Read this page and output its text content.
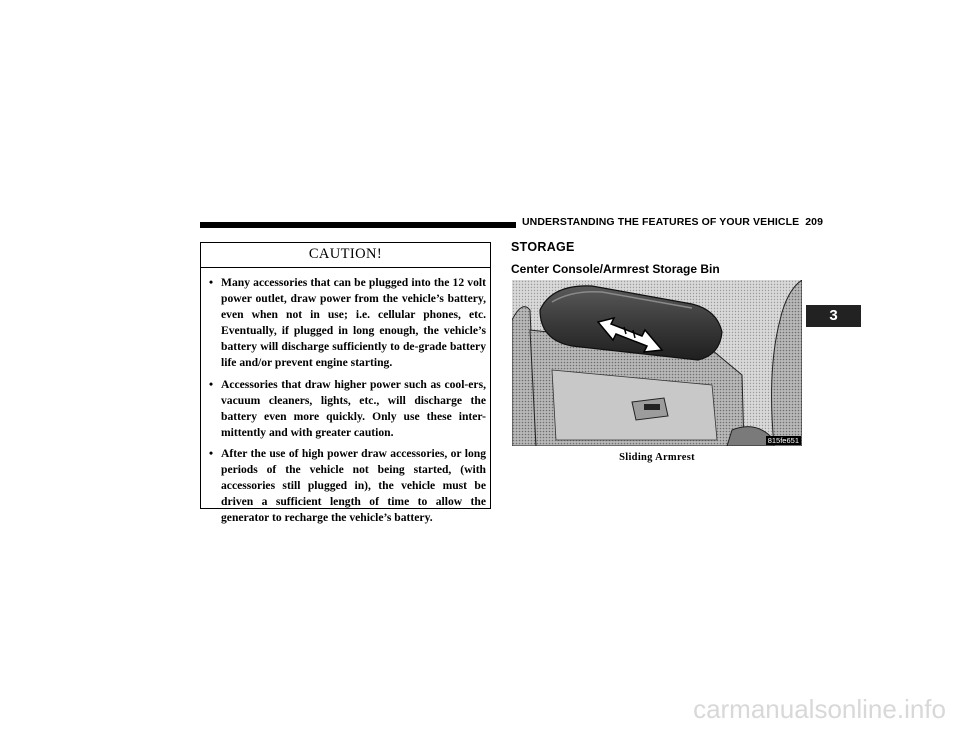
UNDERSTANDING THE FEATURES OF YOUR VEHICLE 209
CAUTION!
• Many accessories that can be plugged into the 12 volt power outlet, draw power from the vehicle’s battery, even when not in use; i.e. cellular phones, etc. Eventually, if plugged in long enough, the vehicle’s battery will discharge sufficiently to de-grade battery life and/or prevent engine starting.
• Accessories that draw higher power such as cool-ers, vacuum cleaners, lights, etc., will discharge the battery even more quickly. Only use these inter-mittently and with greater caution.
• After the use of high power draw accessories, or long periods of the vehicle not being started, (with accessories still plugged in), the vehicle must be driven a sufficient length of time to allow the generator to recharge the vehicle’s battery.
STORAGE
Center Console/Armrest Storage Bin
815fe651
Sliding Armrest
3
carmanualsonline.info
